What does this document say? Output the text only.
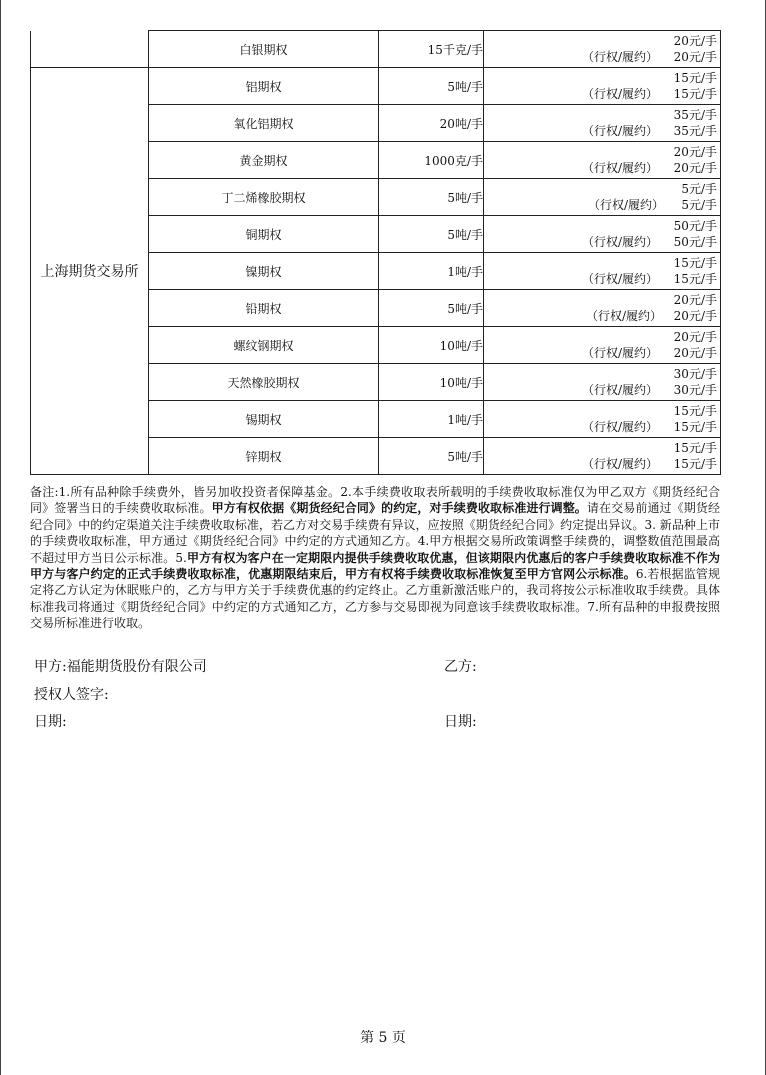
	白银期权	15千克/手	20元/手
（行权/履约） 20元/手

上海期货交易所	铝期权	5吨/手	15元/手
（行权/履约） 15元/手

	氧化铝期权	20吨/手	35元/手
（行权/履约） 35元/手

	黄金期权	1000克/手	20元/手
（行权/履约） 20元/手

	丁二烯橡胶期权	5吨/手	5元/手
（行权/履约） 5元/手

	铜期权	5吨/手	50元/手
（行权/履约） 50元/手

	镍期权	1吨/手	15元/手
（行权/履约） 15元/手

	铅期权	5吨/手	20元/手
（行权/履约） 20元/手

	螺纹钢期权	10吨/手	20元/手
（行权/履约） 20元/手

	天然橡胶期权	10吨/手	30元/手
（行权/履约） 30元/手

	锡期权	1吨/手	15元/手
（行权/履约） 15元/手

	锌期权	5吨/手	15元/手
（行权/履约） 15元/手
备注:1.所有品种除手续费外，皆另加收投资者保障基金。2.本手续费收取表所载明的手续费收取标准仅为甲乙双方《期货经纪合同》签署当日的手续费收取标准。甲方有权依据《期货经纪合同》的约定，对手续费收取标准进行调整。请在交易前通过《期货经纪合同》中的约定渠道关注手续费收取标准，若乙方对交易手续费有异议，应按照《期货经纪合同》约定提出异议。3. 新品种上市的手续费收取标准，甲方通过《期货经纪合同》中约定的方式通知乙方。4.甲方根据交易所政策调整手续费的，调整数值范围最高不超过甲方当日公示标准。5.甲方有权为客户在一定期限内提供手续费收取优惠，但该期限内优惠后的客户手续费收取标准不作为甲方与客户约定的正式手续费收取标准，优惠期限结束后，甲方有权将手续费收取标准恢复至甲方官网公示标准。6.若根据监管规定将乙方认定为休眠账户的，乙方与甲方关于手续费优惠的约定终止。乙方重新激活账户的，我司将按公示标准收取手续费。具体标准我司将通过《期货经纪合同》中约定的方式通知乙方，乙方参与交易即视为同意该手续费收取标准。7.所有品种的申报费按照交易所标准进行收取。
甲方:福能期货股份有限公司	乙方:
授权人签字:
日期:	日期:
第 5 页
